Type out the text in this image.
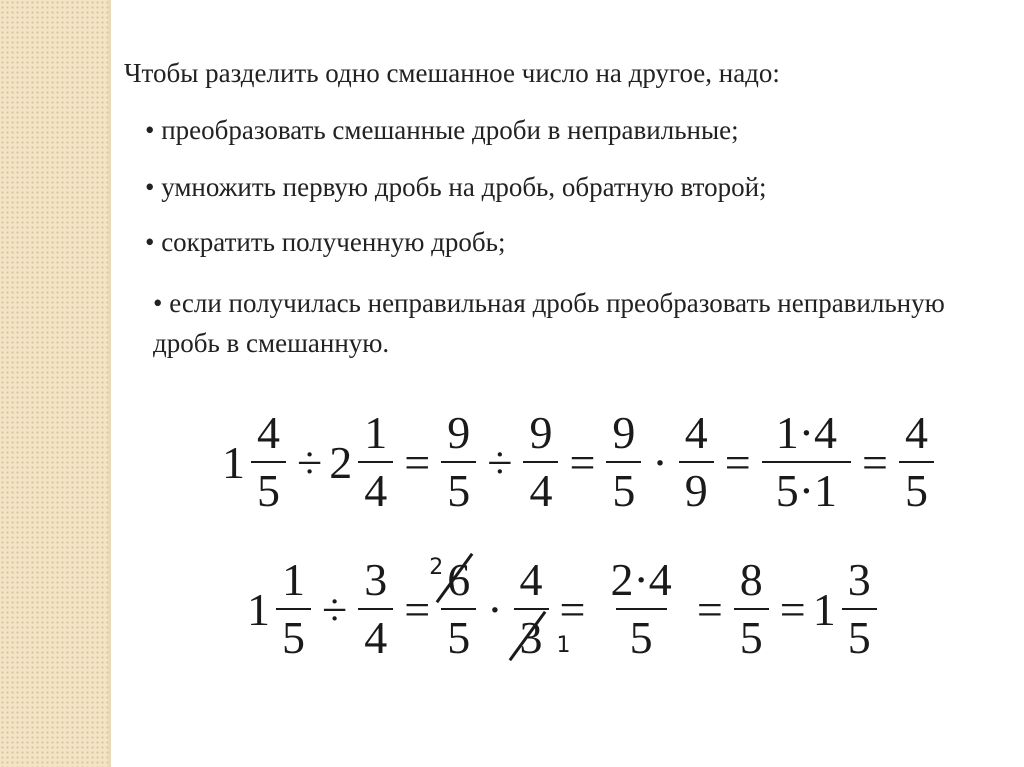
Чтобы разделить одно смешанное число на другое, надо:
• преобразовать смешанные дроби в неправильные;
• умножить первую дробь на дробь, обратную второй;
• сократить полученную дробь;
• если получилась неправильная дробь преобразовать неправильную дробь в смешанную.
$1 \frac{4}{5} \div 2 \frac{1}{4} = \frac{9}{5} \div \frac{9}{4} = \frac{9}{5} \cdot \frac{4}{9} = \frac{1\cdot 4}{5\cdot 1} = \frac{4}{5}$
$1 \frac{1}{5} \div \frac{3}{4} = 6$
2
$5 \cdot \frac{4}{3 1} = \frac{2\cdot 4}{5} = \frac{8}{5} = 1 \frac{3}{5}$
